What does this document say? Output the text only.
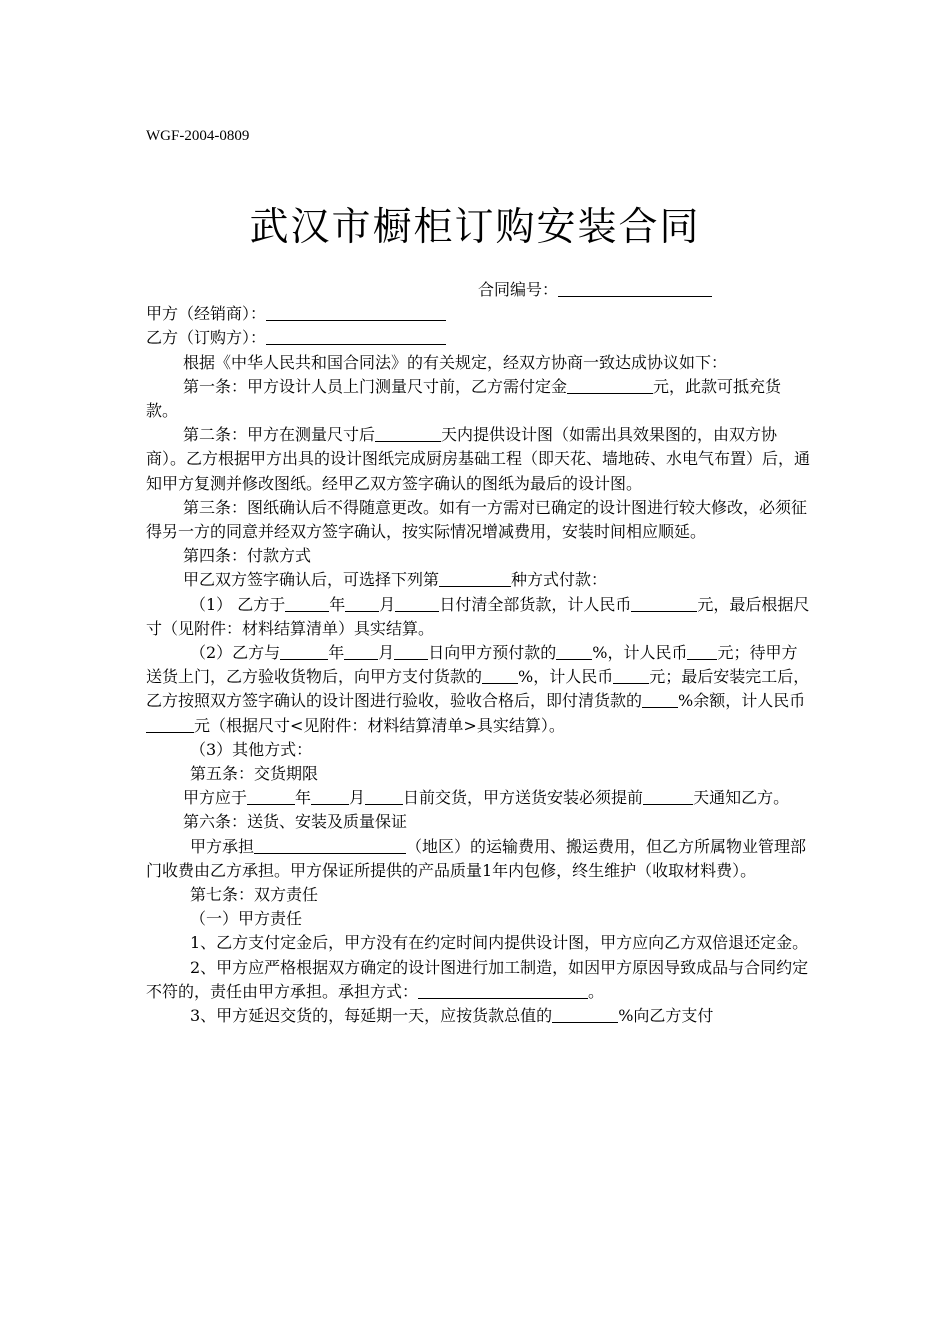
WGF-2004-0809
武汉市橱柜订购安装合同

合同编号：

甲方（经销商）：

乙方（订购方）：

根据《中华人民共和国合同法》的有关规定，经双方协商一致达成协议如下：

第一条：甲方设计人员上门测量尺寸前，乙方需付定金	元，此款可抵充货款。

第二条：甲方在测量尺寸后	天内提供设计图（如需出具效果图的，由双方协商）。乙方根据甲方出具的设计图纸完成厨房基础工程（即天花、墙地砖、水电气布置）后，通知甲方复测并修改图纸。经甲乙双方签字确认的图纸为最后的设计图。

第三条：图纸确认后不得随意更改。如有一方需对已确定的设计图进行较大修改，必须征得另一方的同意并经双方签字确认，按实际情况增减费用，安装时间相应顺延。

第四条：付款方式

甲乙双方签字确认后，可选择下列第	种方式付款：

（1） 乙方于	年 月	日付清全部货款，计人民币	元，最后根据尺寸（见附件：材料结算清单）具实结算。

（2）乙方与	年 月 日向甲方预付款的 %，计人民币 元；待甲方送货上门，乙方验收货物后，向甲方支付货款的 %，计人民币 元；最后安装完工后，乙方按照双方签字确认的设计图进行验收，验收合格后，即付清货款的 %余额，计人民币元（根据尺寸<见附件：材料结算清单>具实结算）。

（3）其他方式：

第五条：交货期限

甲方应于	年 月 日前交货，甲方送货安装必须提前	天通知乙方。

第六条：送货、安装及质量保证

甲方承担	（地区）的运输费用、搬运费用，但乙方所属物业管理部门收费由乙方承担。甲方保证所提供的产品质量1年内包修，终生维护（收取材料费）。

第七条：双方责任

（一）甲方责任

1、乙方支付定金后，甲方没有在约定时间内提供设计图，甲方应向乙方双倍退还定金。

2、甲方应严格根据双方确定的设计图进行加工制造，如因甲方原因导致成品与合同约定不符的，责任由甲方承担。承担方式：	。

3、甲方延迟交货的，每延期一天，应按货款总值的	%向乙方支付
